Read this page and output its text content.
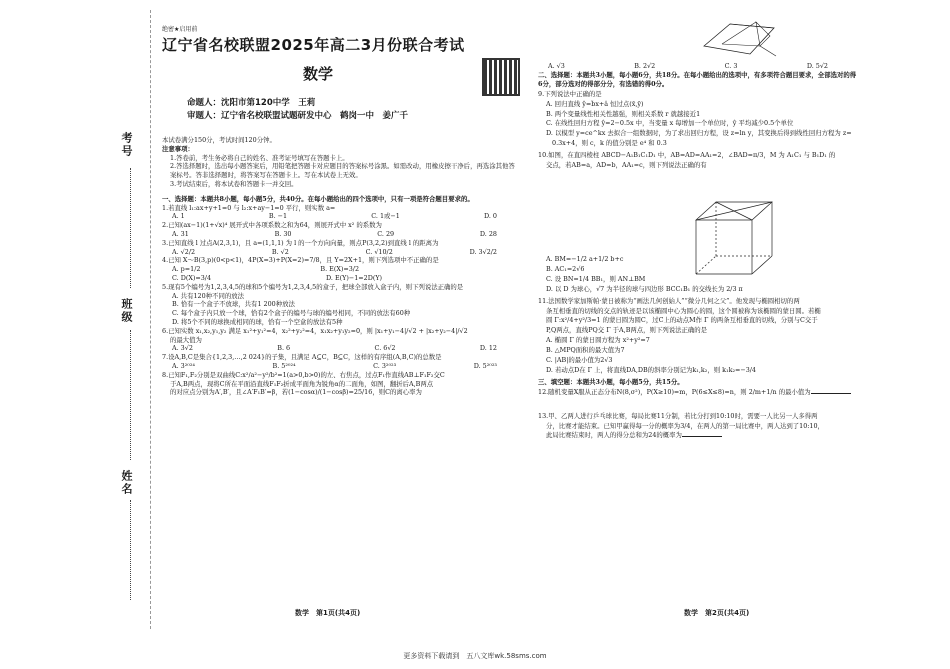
考号
班级
姓名
绝密★启用前
辽宁省名校联盟2025年高二3月份联合考试
数学
命题人：沈阳市第120中学　王莉
审题人：辽宁省名校联盟试题研发中心　鹤岗一中　姜广千

本试卷满分150分，考试时间120分钟。

注意事项：

1.答卷前，考生务必将自己的姓名、准考证号填写在答题卡上。

2.答选择题时，选出每小题答案后，用铅笔把答题卡对应题目的答案标号涂黑。如需改动，用橡皮擦干净后，再选涂其他答案标号。答非选择题时，将答案写在答题卡上。写在本试卷上无效。

3.考试结束后，将本试卷和答题卡一并交回。

一、选择题：本题共8小题，每小题5分，共40分。在每小题给出的四个选项中，只有一项是符合题目要求的。

1.若直线 l₁:ax+y+1=0 与 l₂:x+ay−1=0 平行，则实数 a=

A. 1	B. −1	C. 1或−1	D. 0

2.已知(ax−1)(1+√x)⁴ 展开式中各项系数之和为64，则展开式中 x² 的系数为

A. 31	B. 30	C. 29	D. 28

3.已知直线 l 过点A(2,3,1)，且 a=(1,1,1) 为 l 的一个方向向量，则点P(3,2,2)到直线 l 的距离为

A. √2/2	B. √2	C. √10/2	D. 3√2/2

4.已知 X～B(3,p)(0<p<1)，4P(X=3)+P(X=2)=7/8，且 Y=2X+1，则下列选项中不正确的是

A. p=1/2	B. E(X)=3/2
C. D(X)=3/4	D. E(Y)−1=2D(Y)

5.现有5个编号为1,2,3,4,5的球和5个编号为1,2,3,4,5的盒子，把球全部放入盒子内，则下列说法正确的是

A. 共有120种不同的放法

B. 恰有一个盒子不放球，共有1 200种放法

C. 每个盒子内只放一个球，恰有2个盒子的编号与球的编号相同，不同的放法有60种

D. 将5个不同的球换成相同的球，恰有一个空盒的放法有5种

6.已知实数 x₁,x₂,y₁,y₂ 满足 x₁²+y₁²=4，x₂²+y₂²=4，x₁x₂+y₁y₂=0，则 |x₁+y₁−4|/√2 + |x₂+y₂−4|/√2

的最大值为

A. 3√2	B. 6	C. 6√2	D. 12

7.设A,B,C是集合{1,2,3,…,2 024}的子集，且满足 A⊆C，B⊆C，这样的有序组(A,B,C)的总数是

A. 3²⁰²⁴	B. 5²⁰²⁴	C. 3²⁰²³	D. 5²⁰²³

8.已知F₁,F₂分别是双曲线C:x²/a²−y²/b²=1(a>0,b>0)的左、右焦点，过点F₁作直线AB⊥F₁F₂交C

于A,B两点，现将C所在平面沿直线F₁F₂折成平面角为锐角α的二面角，如图，翻折后A,B两点

的对应点分别为A′,B′，且∠A′F₁B′=β，若(1−cosα)/(1−cosβ)=25/16，则C的离心率为

数学　第1页(共4页)
A. √3	B. 2√2	C. 3	D. 5√2

二、选择题：本题共3小题，每小题6分，共18分。在每小题给出的选项中，有多项符合题目要求，全部选对的得6分，部分选对的得部分分，有选错的得0分。

9.下列说法中正确的是

A. 回归直线 ŷ=b̂x+â 恒过点(x̄,ȳ)

B. 两个变量线性相关性越强，则相关系数 r 就越接近1

C. 在线性回归方程 ŷ=2−0.5x 中，当变量 x 每增加一个单位时，ŷ 平均减少0.5个单位

D. 以模型 y=ce^kx 去拟合一组数据时，为了求出回归方程，设 z=ln y，其变换后得到线性回归方程为 z=

0.3x+4，则 c，k 的值分别是 e⁴ 和 0.3

10.如图，在直四棱柱 ABCD−A₁B₁C₁D₁ 中，AB=AD=AA₁=2，∠BAD=π/3，M 为 A₁C₁ 与 B₁D₁ 的

交点，若AB=a，AD=b，AA₁=c，则下列说法正确的有

A. BM=−1/2 a+1/2 b+c

B. AC₁=2√6

C. 设 BN=1/4 BB₁，则 AN⊥BM

D. 以 D 为球心，√7 为半径的球与四边形 BCC₁B₁ 的交线长为 2/3 π

11.法国数学家加斯帕·蒙日被称为“画法几何创始人”“微分几何之父”。他发现与椭圆相切的两

条互相垂直的切线的交点的轨迹是以该椭圆中心为圆心的圆，这个圆被称为该椭圆的蒙日圆。若椭

圆 Γ:x²/4+y²/3=1 的蒙日圆为圆C，过C上的动点M作 Γ 的两条互相垂直的切线，分别与C交于

P,Q两点，直线PQ交 Γ 于A,B两点，则下列说法正确的是

A. 椭圆 Γ 的蒙日圆方程为 x²+y²=7

B. △MPQ面积的最大值为7

C. |AB|的最小值为2√3

D. 若动点D在 Γ 上，将直线DA,DB的斜率分别记为k₁,k₂，则 k₁k₂=−3/4

三、填空题：本题共3小题，每小题5分，共15分。

12.随机变量X服从正态分布N(8,σ²)，P(X≥10)=m，P(6≤X≤8)=n，则 2/m+1/n 的最小值为

13.甲、乙两人进行乒乓球比赛，每局比赛11分制，若比分打到10:10时，需要一人比另一人多得两

分，比赛才能结束。已知甲赢得每一分的概率为3/4，在两人的第一局比赛中，两人达到了10:10，

此局比赛结束时，两人的得分总和为24的概率为

数学　第2页(共4页)
更多资料下载请到　五八文库wk.58sms.com
